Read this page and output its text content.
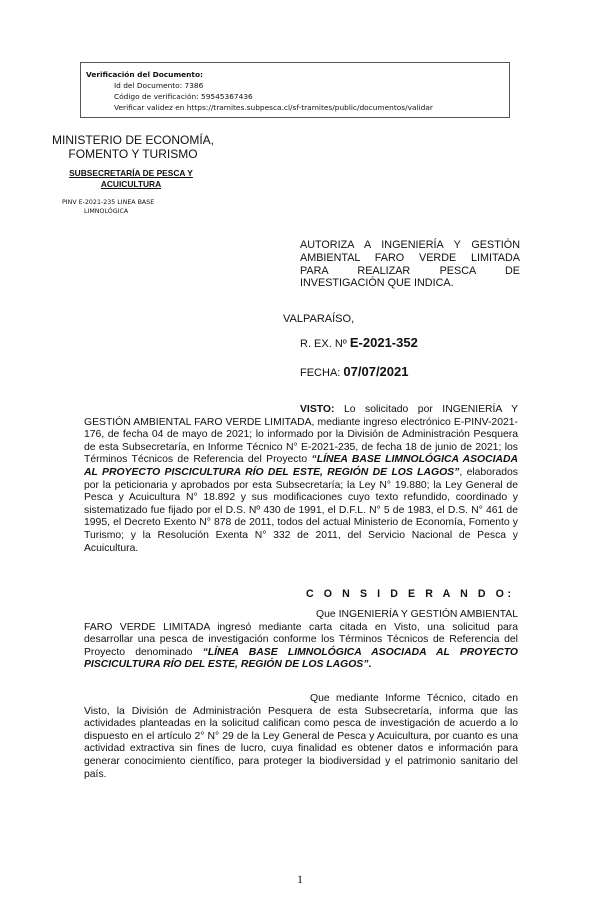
Verificación del Documento:
• Id del Documento: 7386
• Código de verificación: 59545367436
• Verificar validez en https://tramites.subpesca.cl/sf-tramites/public/documentos/validar
MINISTERIO DE ECONOMÍA,
FOMENTO Y TURISMO
SUBSECRETARÍA DE PESCA Y
ACUICULTURA
PINV E-2021-235 LINEA BASE
LIMNOLÓGICA
AUTORIZA A INGENIERÍA Y GESTIÓN
AMBIENTAL FARO VERDE LIMITADA
PARA REALIZAR PESCA DE
INVESTIGACIÓN QUE INDICA.
VALPARAÍSO,
R. EX. Nº E-2021-352
FECHA: 07/07/2021
VISTO: Lo solicitado por INGENIERÍA Y GESTIÓN AMBIENTAL FARO VERDE LIMITADA, mediante ingreso electrónico E-PINV-2021-176, de fecha 04 de mayo de 2021; lo informado por la División de Administración Pesquera de esta Subsecretaría, en Informe Técnico N° E-2021-235, de fecha 18 de junio de 2021; los Términos Técnicos de Referencia del Proyecto “LÍNEA BASE LIMNOLÓGICA ASOCIADA AL PROYECTO PISCICULTURA RÍO DEL ESTE, REGIÓN DE LOS LAGOS”, elaborados por la peticionaria y aprobados por esta Subsecretaría; la Ley N° 19.880; la Ley General de Pesca y Acuicultura N° 18.892 y sus modificaciones cuyo texto refundido, coordinado y sistematizado fue fijado por el D.S. Nº 430 de 1991, el D.F.L. N° 5 de 1983, el D.S. N° 461 de 1995, el Decreto Exento N° 878 de 2011, todos del actual Ministerio de Economía, Fomento y Turismo; y la Resolución Exenta N° 332 de 2011, del Servicio Nacional de Pesca y Acuicultura.
C O N S I D E R A N D O:
Que INGENIERÍA Y GESTIÓN AMBIENTAL FARO VERDE LIMITADA ingresó mediante carta citada en Visto, una solicitud para desarrollar una pesca de investigación conforme los Términos Técnicos de Referencia del Proyecto denominado “LÍNEA BASE LIMNOLÓGICA ASOCIADA AL PROYECTO PISCICULTURA RÍO DEL ESTE, REGIÓN DE LOS LAGOS”.
Que mediante Informe Técnico, citado en Visto, la División de Administración Pesquera de esta Subsecretaría, informa que las actividades planteadas en la solicitud califican como pesca de investigación de acuerdo a lo dispuesto en el artículo 2° N° 29 de la Ley General de Pesca y Acuicultura, por cuanto es una actividad extractiva sin fines de lucro, cuya finalidad es obtener datos e información para generar conocimiento científico, para proteger la biodiversidad y el patrimonio sanitario del país.
1
